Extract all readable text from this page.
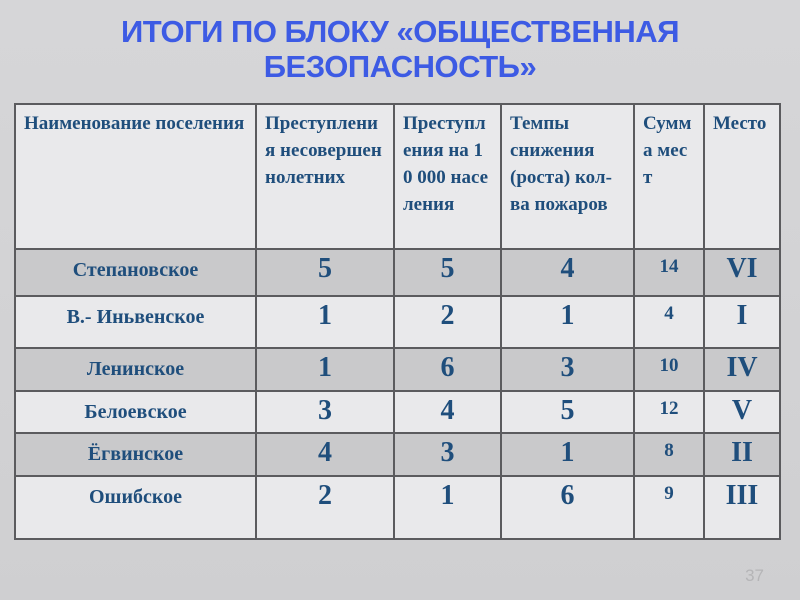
ИТОГИ ПО БЛОКУ «ОБЩЕСТВЕННАЯ БЕЗОПАСНОСТЬ»
Наименование поселения	Преступления несовершеннолетних	Преступления на 10 000 населения	Темпы снижения (роста) кол-ва пожаров	Сумма мест	Место
Степановское	5	5	4	14	VI
В.- Иньвенское	1	2	1	4	I
Ленинское	1	6	3	10	IV
Белоевское	3	4	5	12	V
Ёгвинское	4	3	1	8	II
Ошибское	2	1	6	9	III
37
